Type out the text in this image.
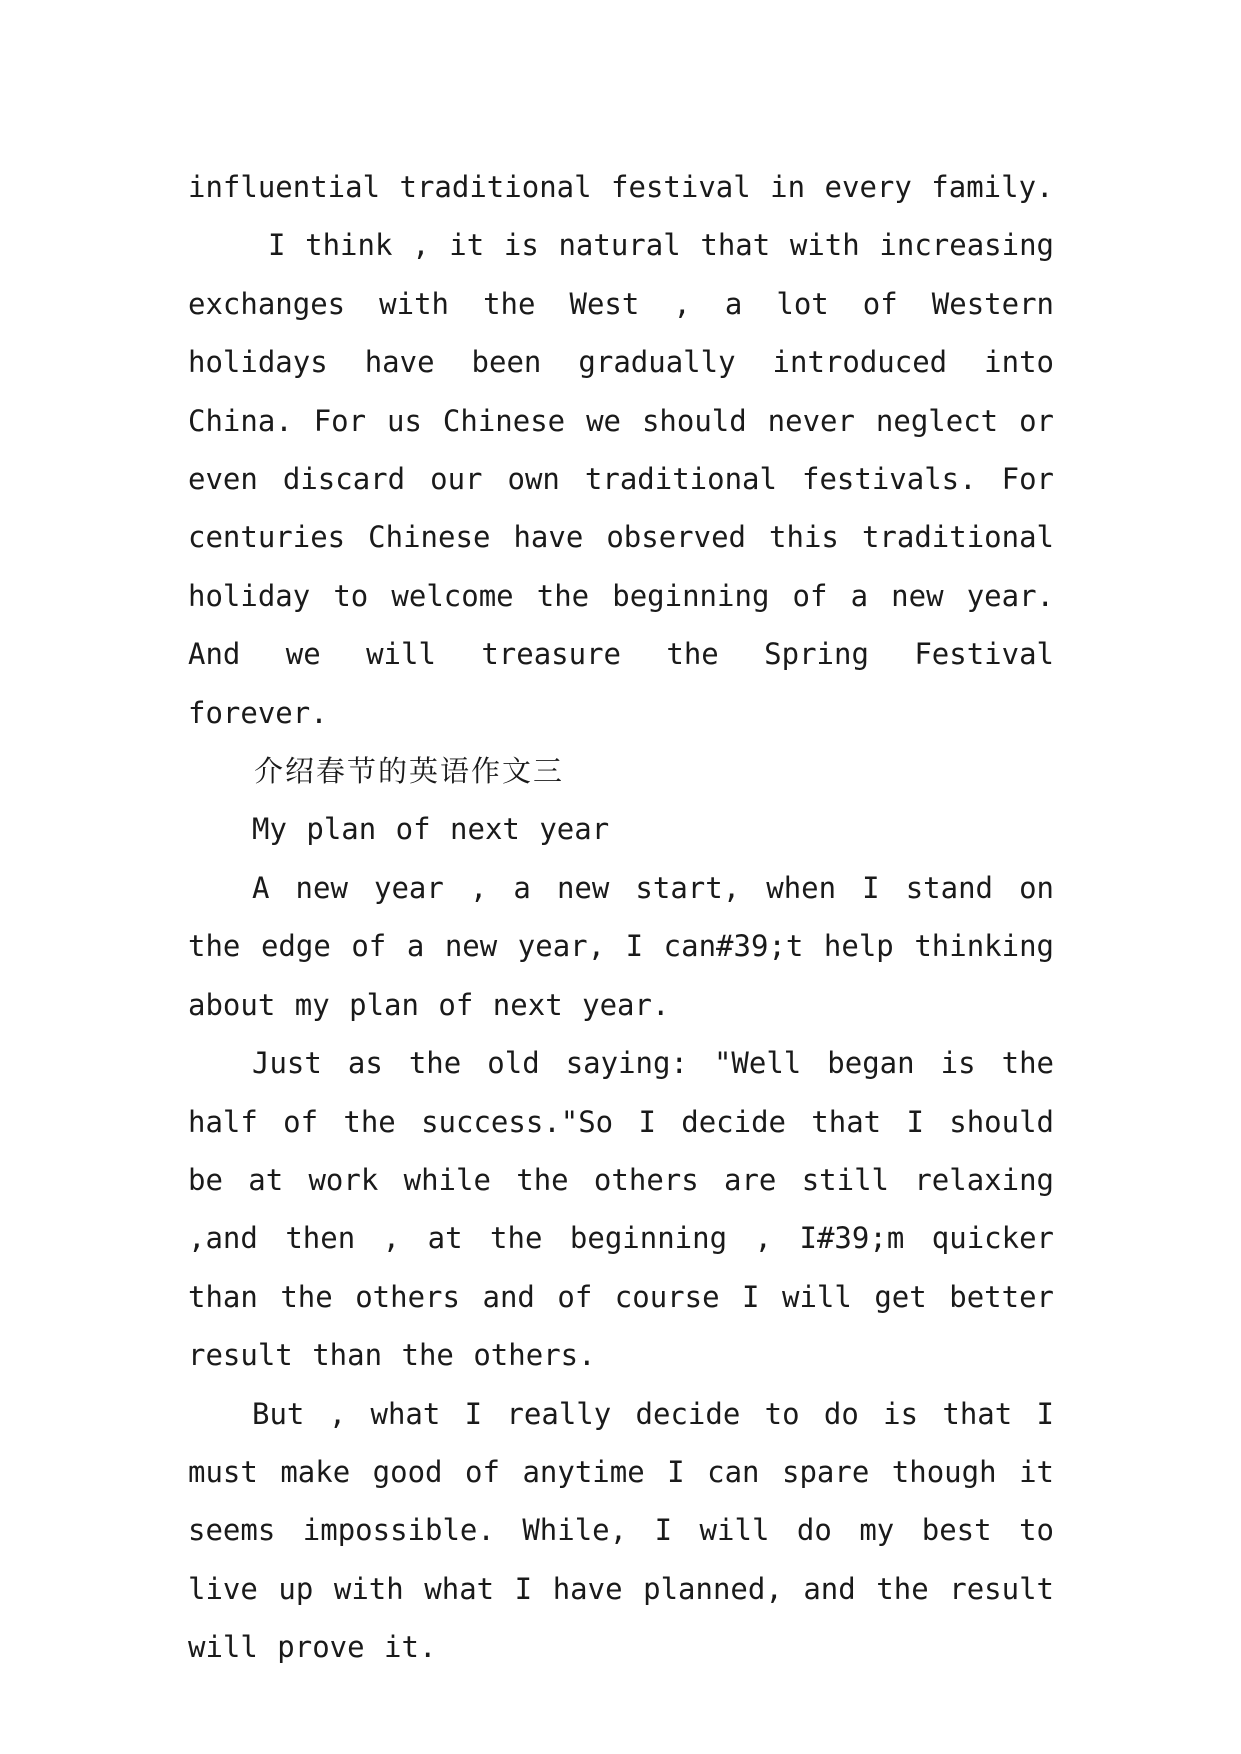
influential traditional festival in every family.

I think , it is natural that with increasing exchanges with the West , a lot of Western holidays have been gradually introduced into China. For us Chinese we should never neglect or even discard our own traditional festivals. For centuries Chinese have observed this traditional holiday to welcome the beginning of a new year. And we will treasure the Spring Festival forever.

介绍春节的英语作文三

My plan of next year

A new year , a new start, when I stand on the edge of a new year, I can#39;t help thinking about my plan of next year.

Just as the old saying: "Well began is the half of the success."So I decide that I should be at work while the others are still relaxing ,and then , at the beginning , I#39;m quicker than the others and of course I will get better result than the others.

But , what I really decide to do is that I must make good of anytime I can spare though it seems impossible. While, I will do my best to live up with what I have planned, and the result will prove it.
